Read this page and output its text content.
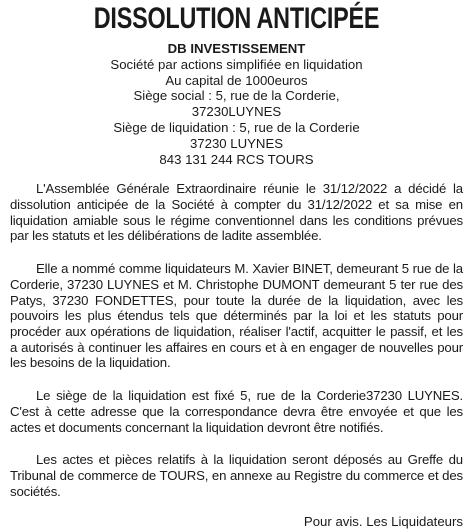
DISSOLUTION ANTICIPÉE
DB INVESTISSEMENT
Société par actions simplifiée en liquidation
Au capital de 1000euros
Siège social : 5, rue de la Corderie,
37230LUYNES
Siège de liquidation : 5, rue de la Corderie
37230 LUYNES
843 131 244 RCS TOURS

L'Assemblée Générale Extraordinaire réunie le 31/12/2022 a décidé la dissolution anticipée de la Société à compter du 31/12/2022 et sa mise en liquidation amiable sous le régime conventionnel dans les conditions prévues par les statuts et les délibérations de ladite assemblée.

Elle a nommé comme liquidateurs M. Xavier BINET, demeurant 5 rue de la Corderie, 37230 LUYNES et M. Christophe DUMONT demeurant 5 ter rue des Patys, 37230 FONDETTES, pour toute la durée de la liquidation, avec les pouvoirs les plus étendus tels que déterminés par la loi et les statuts pour procéder aux opérations de liquidation, réaliser l'actif, acquitter le passif, et les a autorisés à continuer les affaires en cours et à en engager de nouvelles pour les besoins de la liquidation.

Le siège de la liquidation est fixé 5, rue de la Corderie37230 LUYNES. C'est à cette adresse que la correspondance devra être envoyée et que les actes et documents concernant la liquidation devront être notifiés.

Les actes et pièces relatifs à la liquidation seront déposés au Greffe du Tribunal de commerce de TOURS, en annexe au Registre du commerce et des sociétés.

Pour avis. Les Liquidateurs
